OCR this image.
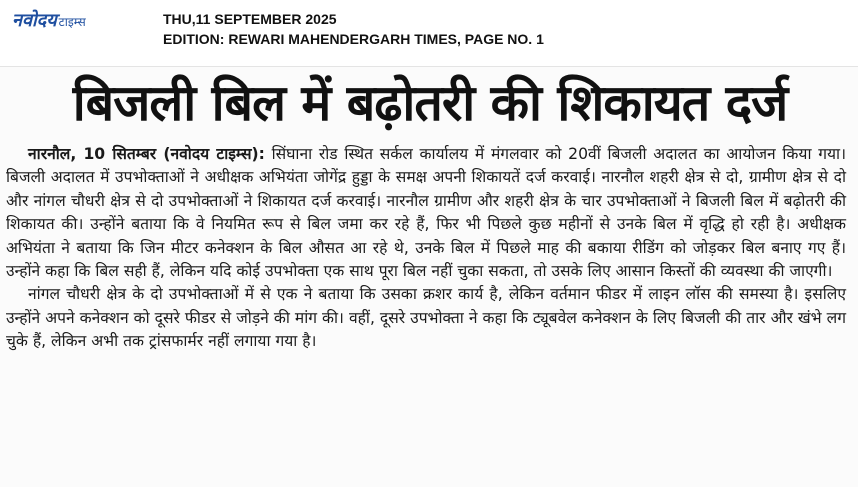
नवोदय टाइम्स	THU,11 SEPTEMBER 2025
EDITION: REWARI MAHENDERGARH TIMES, PAGE NO. 1
बिजली बिल में बढ़ोतरी की शिकायत दर्ज

नारनौल, 10 सितम्बर (नवोदय टाइम्स): सिंघाना रोड स्थित सर्कल कार्यालय में मंगलवार को 20वीं बिजली अदालत का आयोजन किया गया। बिजली अदालत में उपभोक्ताओं ने अधीक्षक अभियंता जोगेंद्र हुड्डा के समक्ष अपनी शिकायतें दर्ज करवाई। नारनौल शहरी क्षेत्र से दो, ग्रामीण क्षेत्र से दो और नांगल चौधरी क्षेत्र से दो उपभोक्ताओं ने शिकायत दर्ज करवाई। नारनौल ग्रामीण और शहरी क्षेत्र के चार उपभोक्ताओं ने बिजली बिल में बढ़ोतरी की शिकायत की। उन्होंने बताया कि वे नियमित रूप से बिल जमा कर रहे हैं, फिर भी पिछले कुछ महीनों से उनके बिल में वृद्धि हो रही है। अधीक्षक अभियंता ने बताया कि जिन मीटर कनेक्शन के बिल औसत आ रहे थे, उनके बिल में पिछले माह की बकाया रीडिंग को जोड़कर बिल बनाए गए हैं। उन्होंने कहा कि बिल सही हैं, लेकिन यदि कोई उपभोक्ता एक साथ पूरा बिल नहीं चुका सकता, तो उसके लिए आसान किस्तों की व्यवस्था की जाएगी।

नांगल चौधरी क्षेत्र के दो उपभोक्ताओं में से एक ने बताया कि उसका क्रशर कार्य है, लेकिन वर्तमान फीडर में लाइन लॉस की समस्या है। इसलिए उन्होंने अपने कनेक्शन को दूसरे फीडर से जोड़ने की मांग की। वहीं, दूसरे उपभोक्ता ने कहा कि ट्यूबवेल कनेक्शन के लिए बिजली की तार और खंभे लग चुके हैं, लेकिन अभी तक ट्रांसफार्मर नहीं लगाया गया है।
